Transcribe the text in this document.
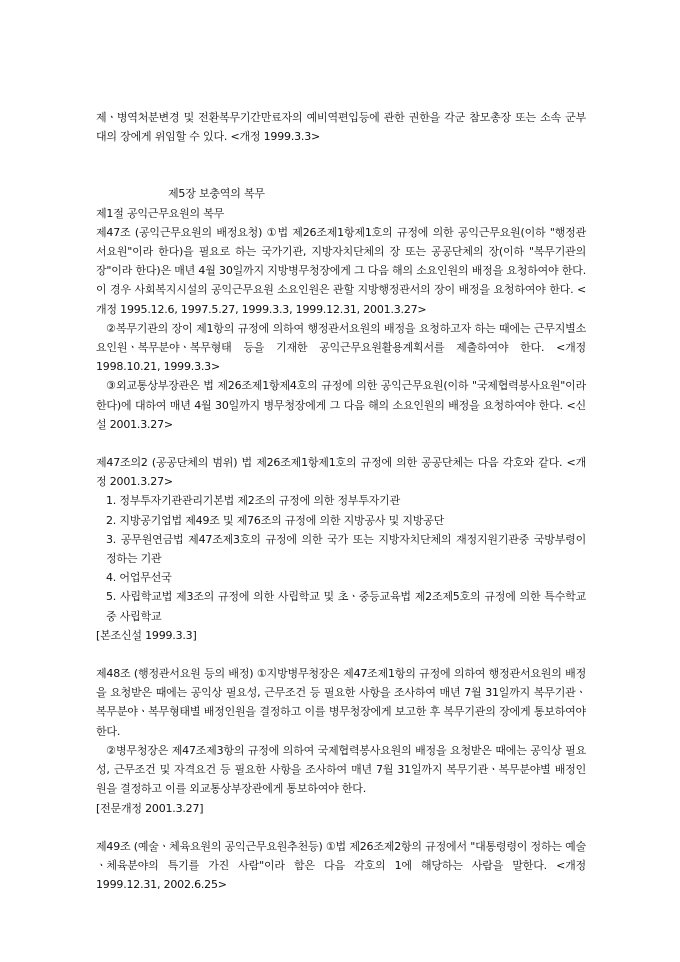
제ㆍ병역처분변경 및 전환복무기간만료자의 예비역편입등에 관한 권한을 각군 참모총장 또는 소속 군부대의 장에게 위임할 수 있다. <개정 1999.3.3>

제5장 보충역의 복무

제1절 공익근무요원의 복무

제47조 (공익근무요원의 배정요청) ①법 제26조제1항제1호의 규정에 의한 공익근무요원(이하 "행정관서요원"이라 한다)을 필요로 하는 국가기관, 지방자치단체의 장 또는 공공단체의 장(이하 "복무기관의 장"이라 한다)은 매년 4월 30일까지 지방병무청장에게 그 다음 해의 소요인원의 배정을 요청하여야 한다. 이 경우 사회복지시설의 공익근무요원 소요인원은 관할 지방행정관서의 장이 배정을 요청하여야 한다. <개정 1995.12.6, 1997.5.27, 1999.3.3, 1999.12.31, 2001.3.27>

②복무기관의 장이 제1항의 규정에 의하여 행정관서요원의 배정을 요청하고자 하는 때에는 근무지별소요인원ㆍ복무분야ㆍ복무형태 등을 기재한 공익근무요원활용계획서를 제출하여야 한다. <개정 1998.10.21, 1999.3.3>

③외교통상부장관은 법 제26조제1항제4호의 규정에 의한 공익근무요원(이하 "국제협력봉사요원"이라 한다)에 대하여 매년 4월 30일까지 병무청장에게 그 다음 해의 소요인원의 배정을 요청하여야 한다. <신설 2001.3.27>

제47조의2 (공공단체의 범위) 법 제26조제1항제1호의 규정에 의한 공공단체는 다음 각호와 같다. <개정 2001.3.27>

1. 정부투자기관관리기본법 제2조의 규정에 의한 정부투자기관

2. 지방공기업법 제49조 및 제76조의 규정에 의한 지방공사 및 지방공단

3. 공무원연금법 제47조제3호의 규정에 의한 국가 또는 지방자치단체의 재정지원기관중 국방부령이 정하는 기관

4. 어업무선국

5. 사립학교법 제3조의 규정에 의한 사립학교 및 초ㆍ중등교육법 제2조제5호의 규정에 의한 특수학교중 사립학교

[본조신설 1999.3.3]

제48조 (행정관서요원 등의 배정) ①지방병무청장은 제47조제1항의 규정에 의하여 행정관서요원의 배정을 요청받은 때에는 공익상 필요성, 근무조건 등 필요한 사항을 조사하여 매년 7월 31일까지 복무기관ㆍ복무분야ㆍ복무형태별 배정인원을 결정하고 이를 병무청장에게 보고한 후 복무기관의 장에게 통보하여야 한다.

②병무청장은 제47조제3항의 규정에 의하여 국제협력봉사요원의 배정을 요청받은 때에는 공익상 필요성, 근무조건 및 자격요건 등 필요한 사항을 조사하여 매년 7월 31일까지 복무기관ㆍ복무분야별 배정인원을 결정하고 이를 외교통상부장관에게 통보하여야 한다.

[전문개정 2001.3.27]

제49조 (예술ㆍ체육요원의 공익근무요원추천등) ①법 제26조제2항의 규정에서 "대통령령이 정하는 예술ㆍ체육분야의 특기를 가진 사람"이라 함은 다음 각호의 1에 해당하는 사람을 말한다. <개정 1999.12.31, 2002.6.25>
